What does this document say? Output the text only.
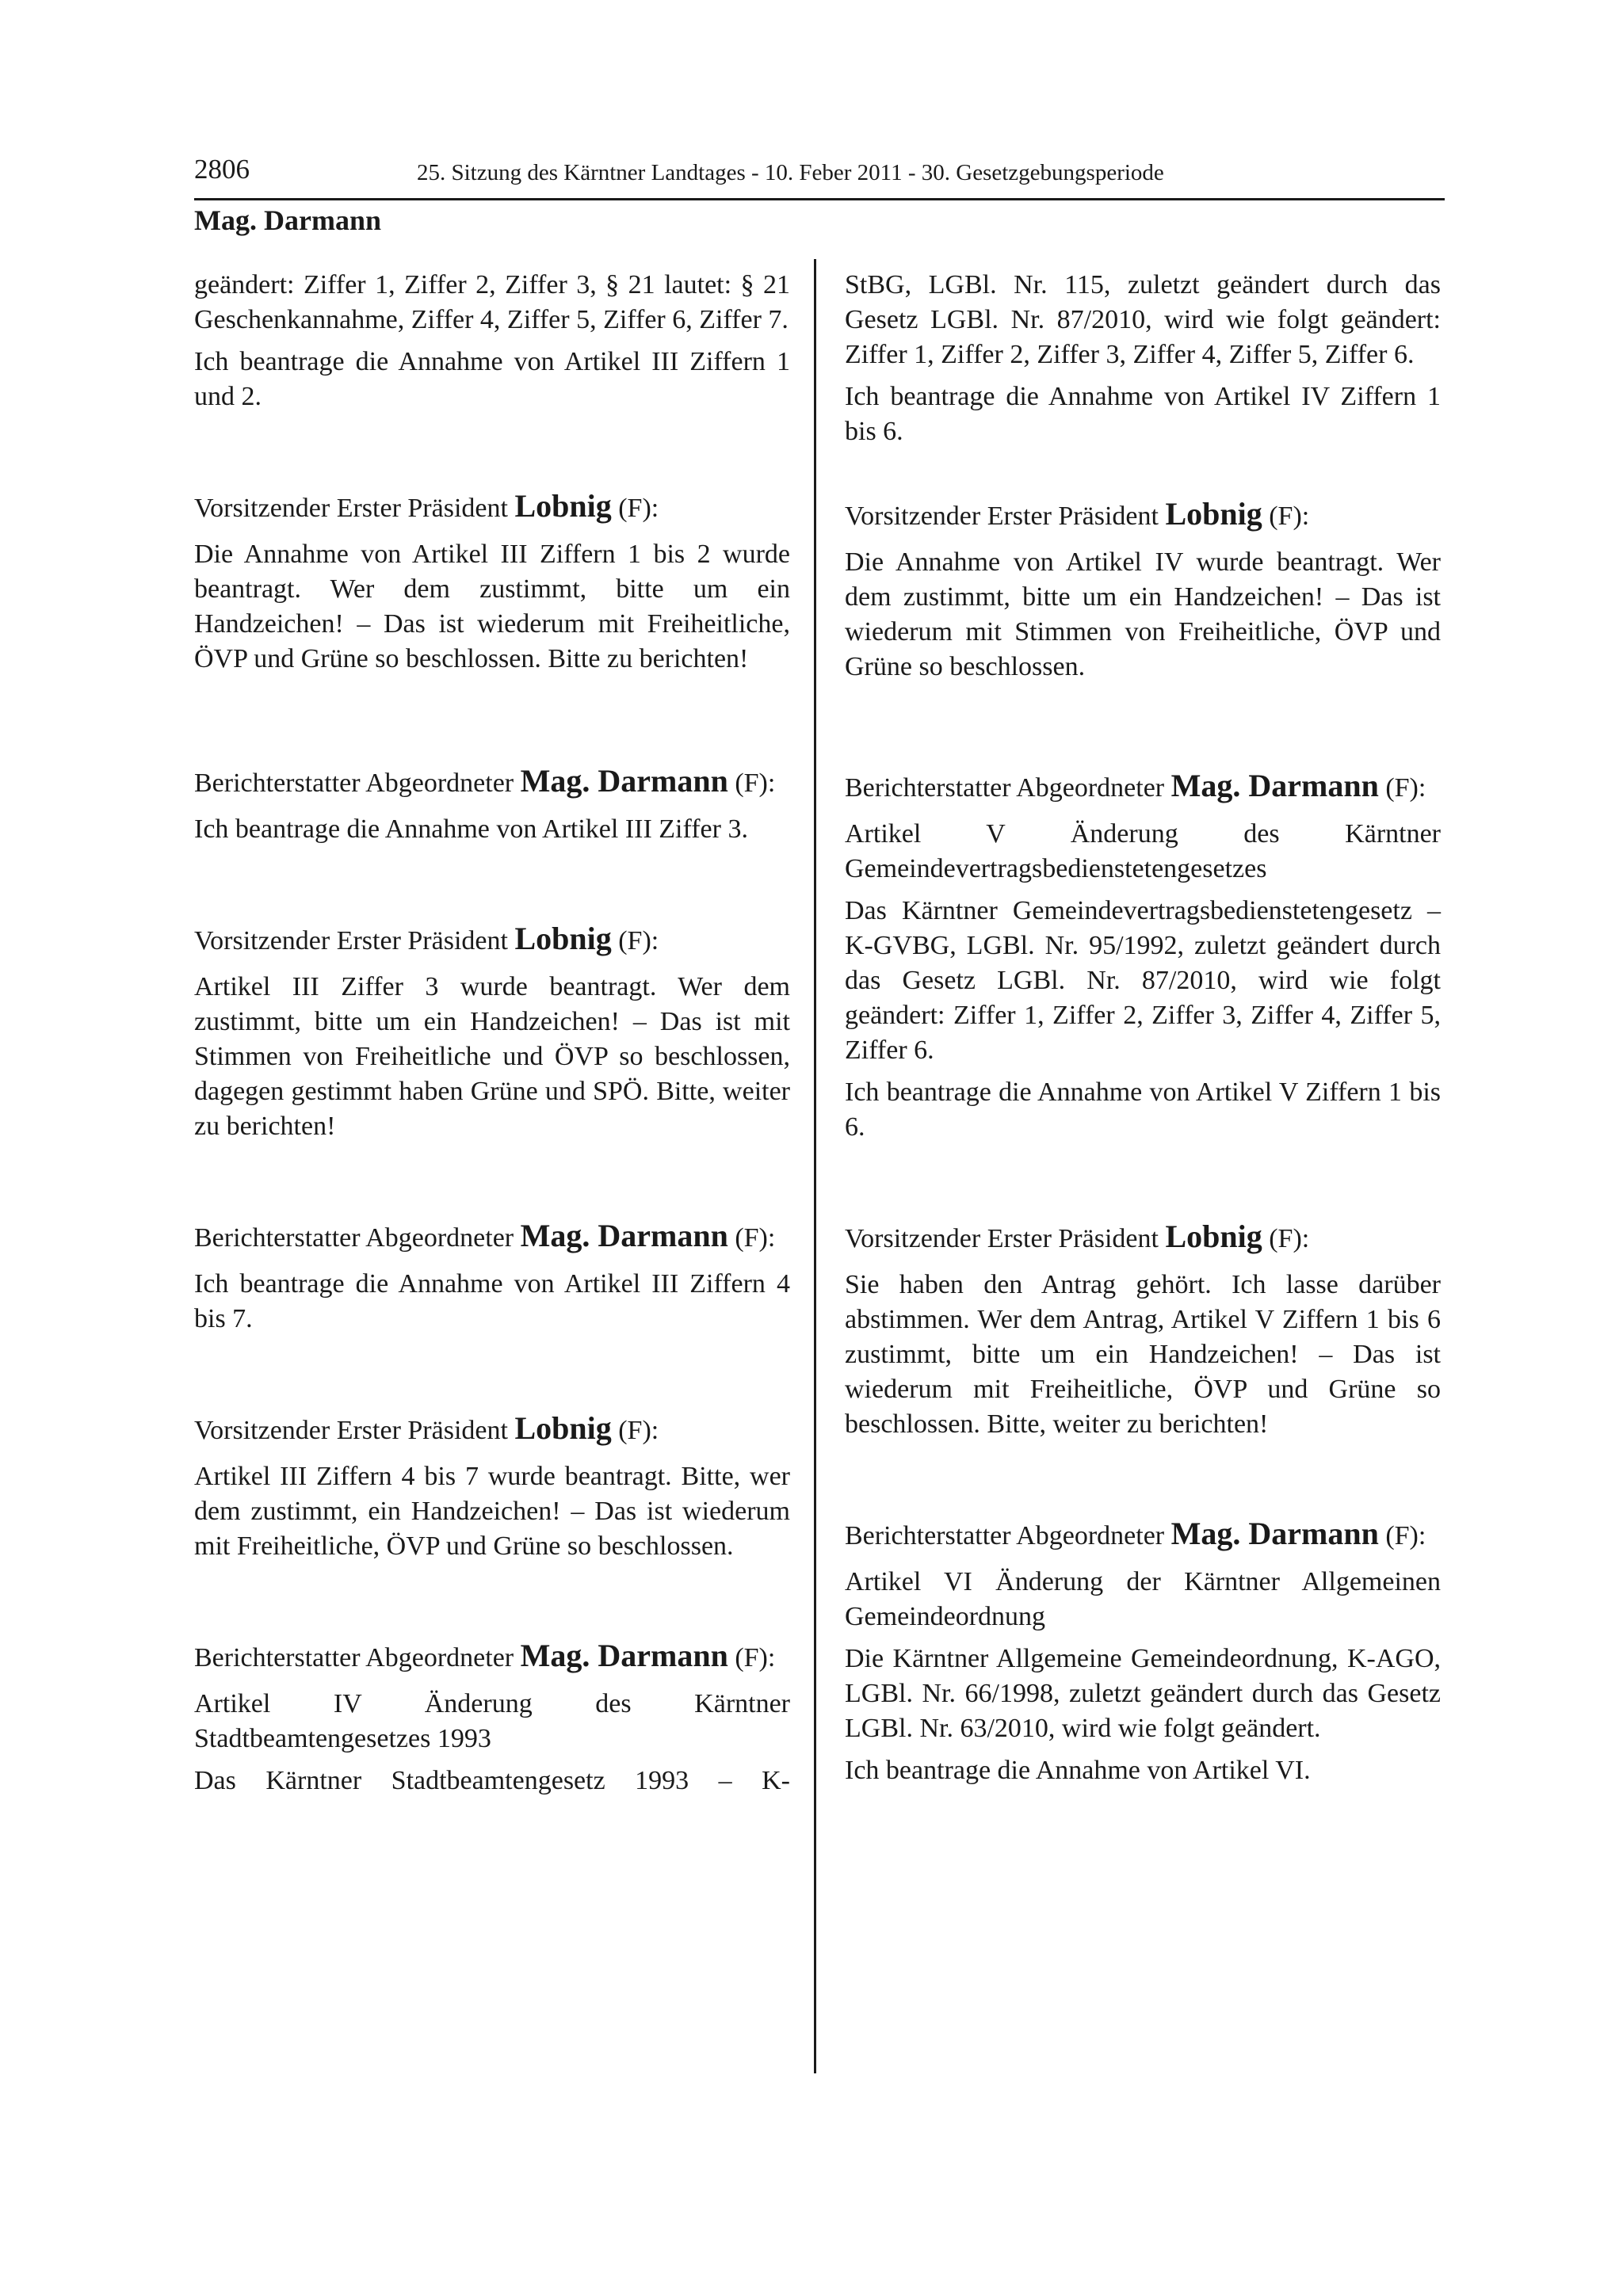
2806	25. Sitzung des Kärntner Landtages - 10. Feber 2011 - 30. Gesetzgebungsperiode
Mag. Darmann

geändert: Ziffer 1, Ziffer 2, Ziffer 3, § 21 lautet: § 21 Geschenkannahme, Ziffer 4, Ziffer 5, Ziffer 6, Ziffer 7.

Ich beantrage die Annahme von Artikel III Ziffern 1 und 2.

Vorsitzender Erster Präsident Lobnig (F):

Die Annahme von Artikel III Ziffern 1 bis 2 wurde beantragt. Wer dem zustimmt, bitte um ein Handzeichen! – Das ist wiederum mit Freiheitliche, ÖVP und Grüne so beschlossen. Bitte zu berichten!

Berichterstatter Abgeordneter Mag. Darmann (F):

Ich beantrage die Annahme von Artikel III Ziffer 3.

Vorsitzender Erster Präsident Lobnig (F):

Artikel III Ziffer 3 wurde beantragt. Wer dem zustimmt, bitte um ein Handzeichen! – Das ist mit Stimmen von Freiheitliche und ÖVP so beschlossen, dagegen gestimmt haben Grüne und SPÖ. Bitte, weiter zu berichten!

Berichterstatter Abgeordneter Mag. Darmann (F):

Ich beantrage die Annahme von Artikel III Ziffern 4 bis 7.

Vorsitzender Erster Präsident Lobnig (F):

Artikel III Ziffern 4 bis 7 wurde beantragt. Bitte, wer dem zustimmt, ein Handzeichen! – Das ist wiederum mit Freiheitliche, ÖVP und Grüne so beschlossen.

Berichterstatter Abgeordneter Mag. Darmann (F):

Artikel IV Änderung des Kärntner Stadtbeamtengesetzes 1993

Das Kärntner Stadtbeamtengesetz 1993 – K-

StBG, LGBl. Nr. 115, zuletzt geändert durch das Gesetz LGBl. Nr. 87/2010, wird wie folgt geändert: Ziffer 1, Ziffer 2, Ziffer 3, Ziffer 4, Ziffer 5, Ziffer 6.

Ich beantrage die Annahme von Artikel IV Ziffern 1 bis 6.

Vorsitzender Erster Präsident Lobnig (F):

Die Annahme von Artikel IV wurde beantragt. Wer dem zustimmt, bitte um ein Handzeichen! – Das ist wiederum mit Stimmen von Freiheitliche, ÖVP und Grüne so beschlossen.

Berichterstatter Abgeordneter Mag. Darmann (F):

Artikel V Änderung des Kärntner Gemeindevertragsbedienstetengesetzes

Das Kärntner Gemeindevertragsbedienstetengesetz – K-GVBG, LGBl. Nr. 95/1992, zuletzt geändert durch das Gesetz LGBl. Nr. 87/2010, wird wie folgt geändert: Ziffer 1, Ziffer 2, Ziffer 3, Ziffer 4, Ziffer 5, Ziffer 6.

Ich beantrage die Annahme von Artikel V Ziffern 1 bis 6.

Vorsitzender Erster Präsident Lobnig (F):

Sie haben den Antrag gehört. Ich lasse darüber abstimmen. Wer dem Antrag, Artikel V Ziffern 1 bis 6 zustimmt, bitte um ein Handzeichen! – Das ist wiederum mit Freiheitliche, ÖVP und Grüne so beschlossen. Bitte, weiter zu berichten!

Berichterstatter Abgeordneter Mag. Darmann (F):

Artikel VI Änderung der Kärntner Allgemeinen Gemeindeordnung

Die Kärntner Allgemeine Gemeindeordnung, K-AGO, LGBl. Nr. 66/1998, zuletzt geändert durch das Gesetz LGBl. Nr. 63/2010, wird wie folgt geändert.

Ich beantrage die Annahme von Artikel VI.
